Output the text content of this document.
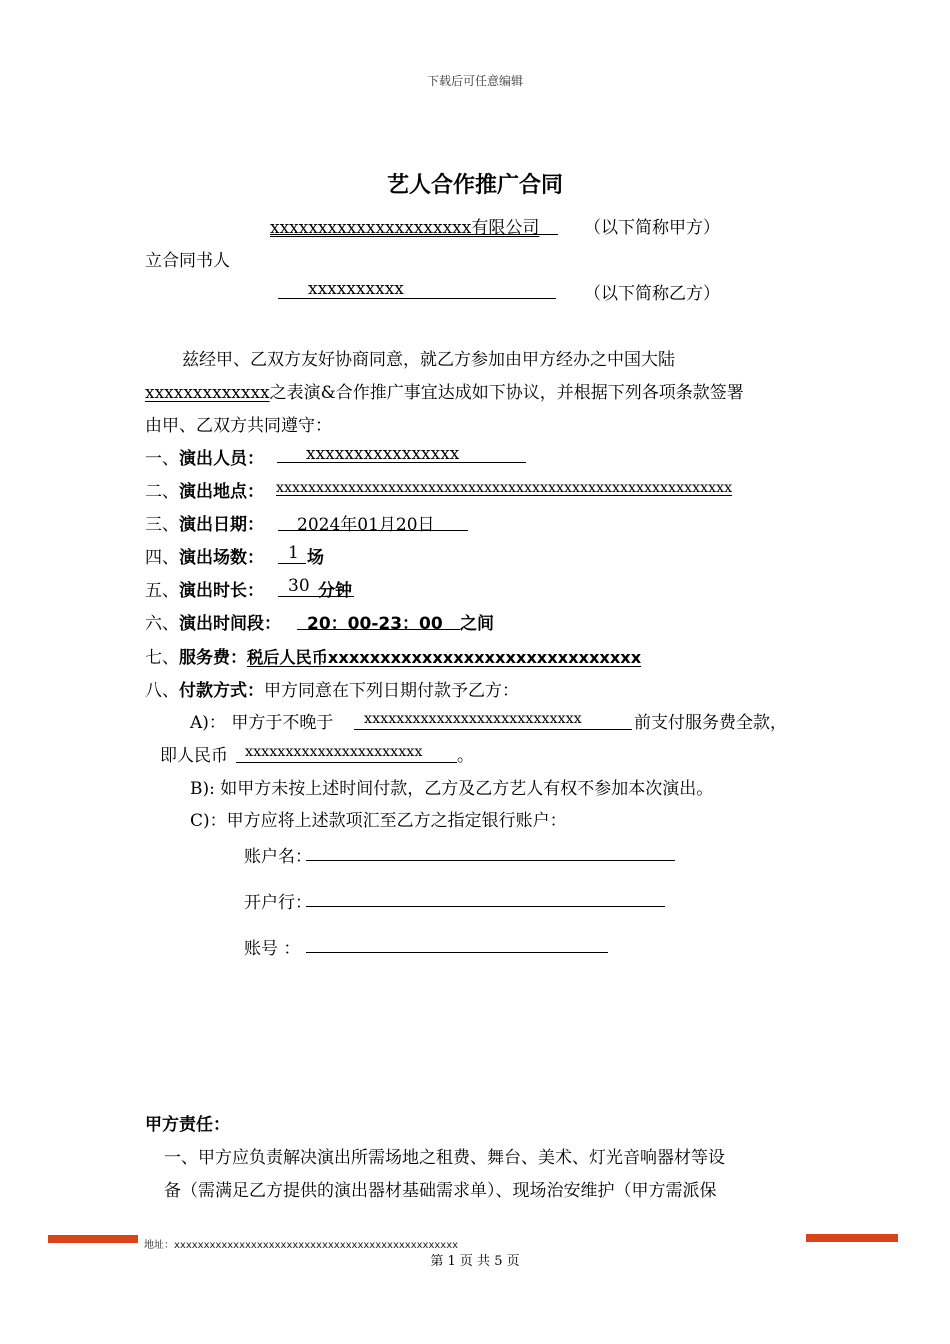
下载后可任意编辑
艺人合作推广合同
xxxxxxxxxxxxxxxxxxxxx有限公司	（以下简称甲方）
立合同书人
xxxxxxxxxx	（以下简称乙方）
兹经甲、乙双方友好协商同意，就乙方参加由甲方经办之中国大陆
xxxxxxxxxxxxx之表演&合作推广事宜达成如下协议，并根据下列各项条款签署
由甲、乙双方共同遵守：
一、演出人员： xxxxxxxxxxxxxxxx
二、演出地点： xxxxxxxxxxxxxxxxxxxxxxxxxxxxxxxxxxxxxxxxxxxxxxxxxxxxxxxxx
三、演出日期： 2024年01月20日
四、演出场数： 1 场
五、演出时长： 30 分钟
六、演出时间段： 20：00-23：00 之间
七、服务费：税后人民币xxxxxxxxxxxxxxxxxxxxxxxxxxxxxx
八、付款方式：甲方同意在下列日期付款予乙方：
A)： 甲方于不晚于 xxxxxxxxxxxxxxxxxxxxxxxxxxx	前支付服务费全款，
即人民币 xxxxxxxxxxxxxxxxxxxxxx 。
B): 如甲方未按上述时间付款，乙方及乙方艺人有权不参加本次演出。
C)：甲方应将上述款项汇至乙方之指定银行账户：
账户名：
开户行：
账号 ：
甲方责任：
一、甲方应负责解决演出所需场地之租费、舞台、美术、灯光音响器材等设
备（需满足乙方提供的演出器材基础需求单）、现场治安维护（甲方需派保
地址：xxxxxxxxxxxxxxxxxxxxxxxxxxxxxxxxxxxxxxxxxxxxxxxx
第 1 页 共 5 页
